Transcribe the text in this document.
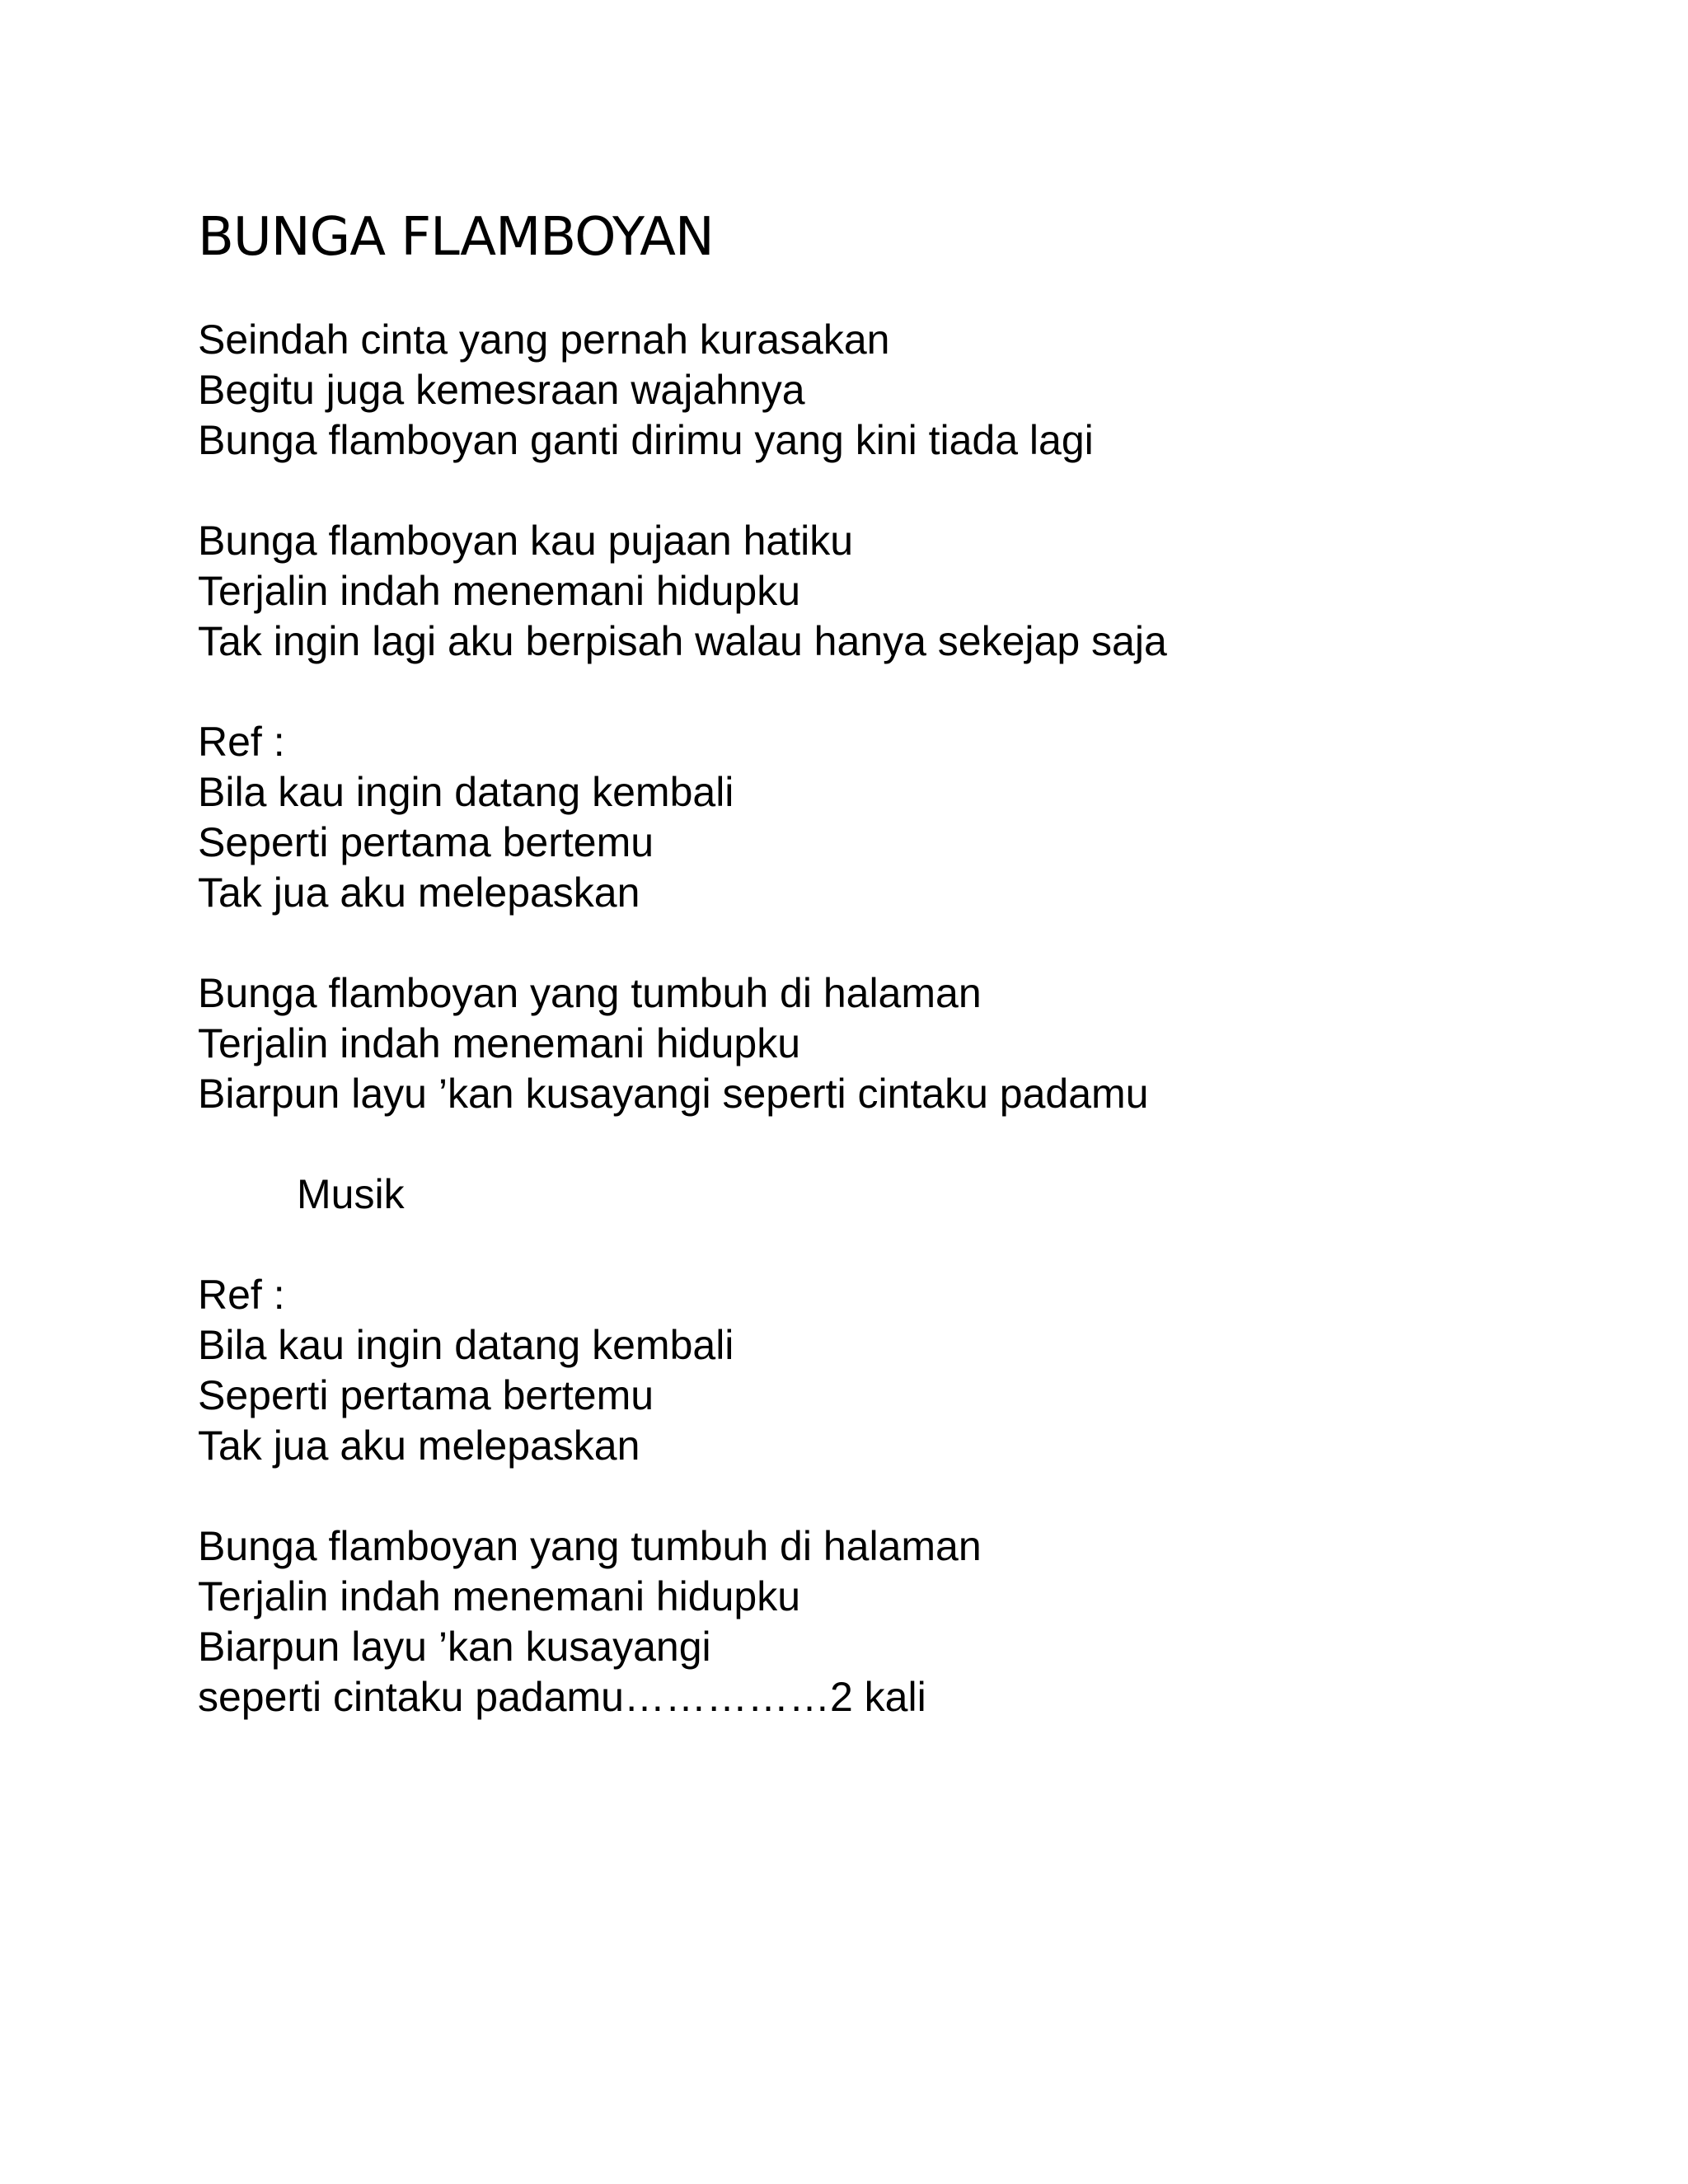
BUNGA FLAMBOYAN
Seindah cinta yang pernah kurasakan
Begitu juga kemesraan wajahnya
Bunga flamboyan ganti dirimu yang kini tiada lagi
Bunga flamboyan kau pujaan hatiku
Terjalin indah menemani hidupku
Tak ingin lagi aku berpisah walau hanya sekejap saja
Ref :
Bila kau ingin datang kembali
Seperti pertama bertemu
Tak jua aku melepaskan
Bunga flamboyan yang tumbuh di halaman
Terjalin indah menemani hidupku
Biarpun layu ’kan kusayangi seperti cintaku padamu
Musik
Ref :
Bila kau ingin datang kembali
Seperti pertama bertemu
Tak jua aku melepaskan
Bunga flamboyan yang tumbuh di halaman
Terjalin indah menemani hidupku
Biarpun layu ’kan kusayangi
seperti cintaku padamu……………2 kali
